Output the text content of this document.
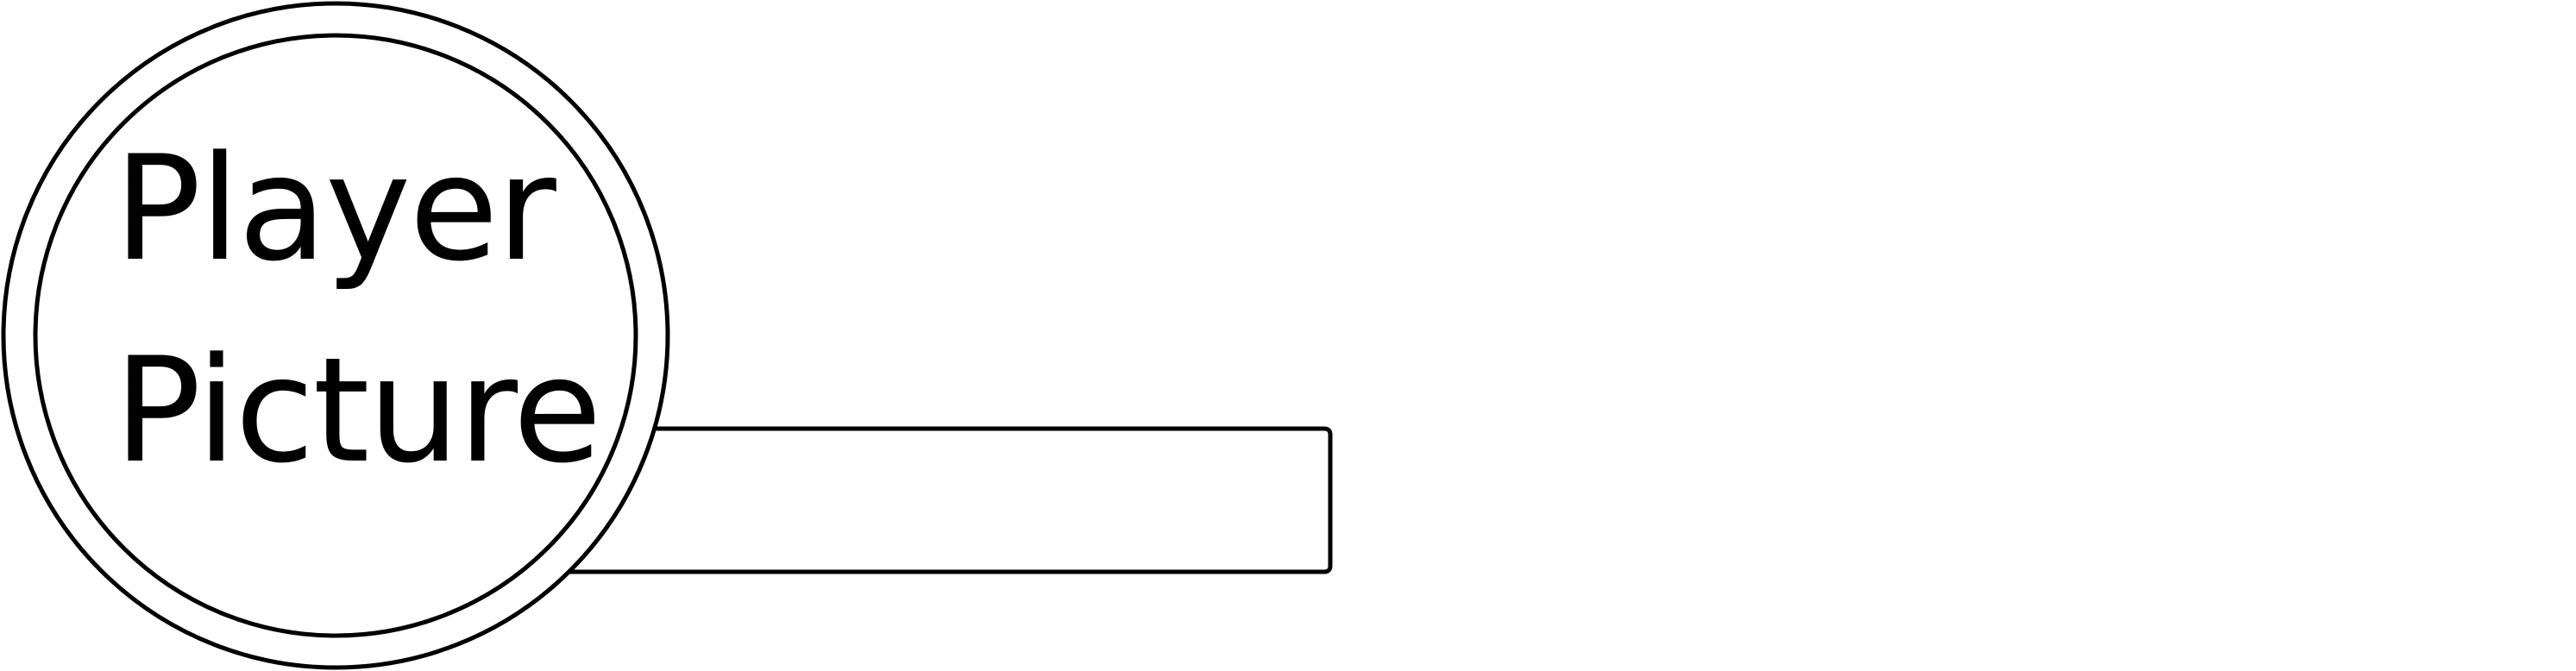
Player
Picture
